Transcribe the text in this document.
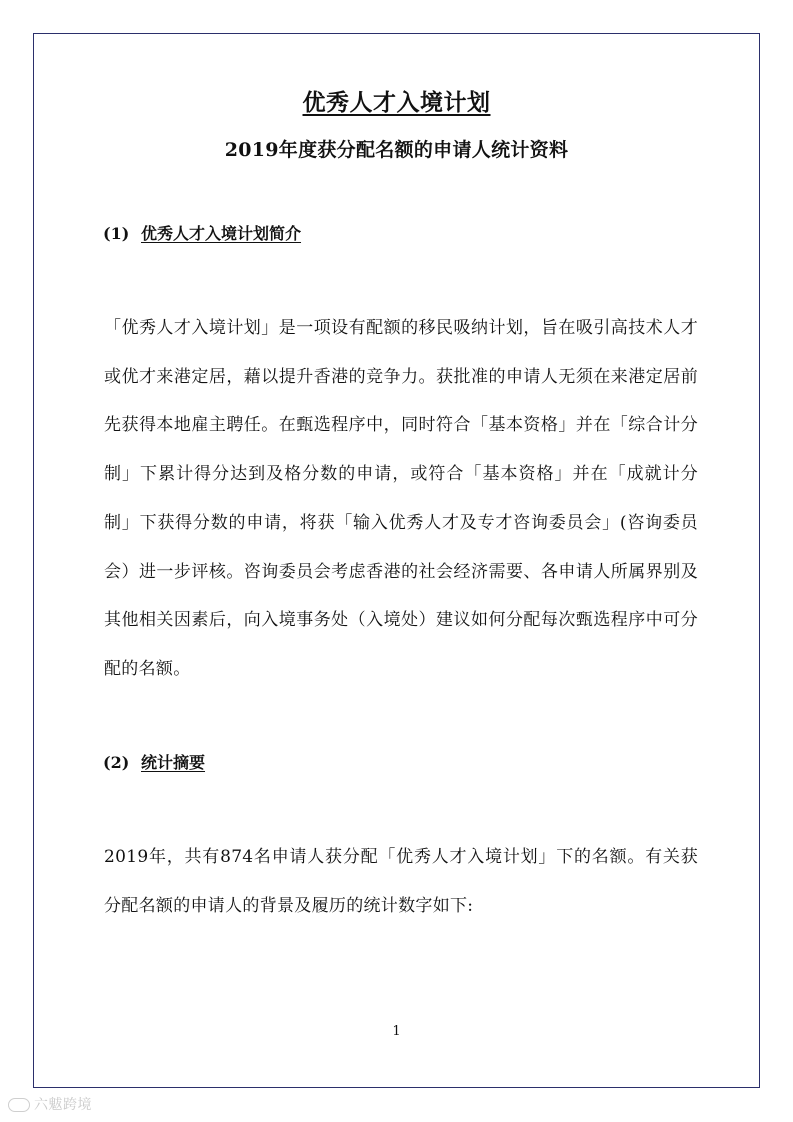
优秀人才入境计划
2019年度获分配名额的申请人统计资料
(1) 优秀人才入境计划简介

「优秀人才入境计划」是一项设有配额的移民吸纳计划，旨在吸引高技术人才或优才来港定居，藉以提升香港的竞争力。获批准的申请人无须在来港定居前先获得本地雇主聘任。在甄选程序中，同时符合「基本资格」并在「综合计分制」下累计得分达到及格分数的申请，或符合「基本资格」并在「成就计分制」下获得分数的申请，将获「输入优秀人才及专才咨询委员会」(咨询委员会）进一步评核。咨询委员会考虑香港的社会经济需要、各申请人所属界别及其他相关因素后，向入境事务处（入境处）建议如何分配每次甄选程序中可分配的名额。

(2) 统计摘要

2019年，共有874名申请人获分配「优秀人才入境计划」下的名额。有关获分配名额的申请人的背景及履历的统计数字如下:

1
六魃跨境
